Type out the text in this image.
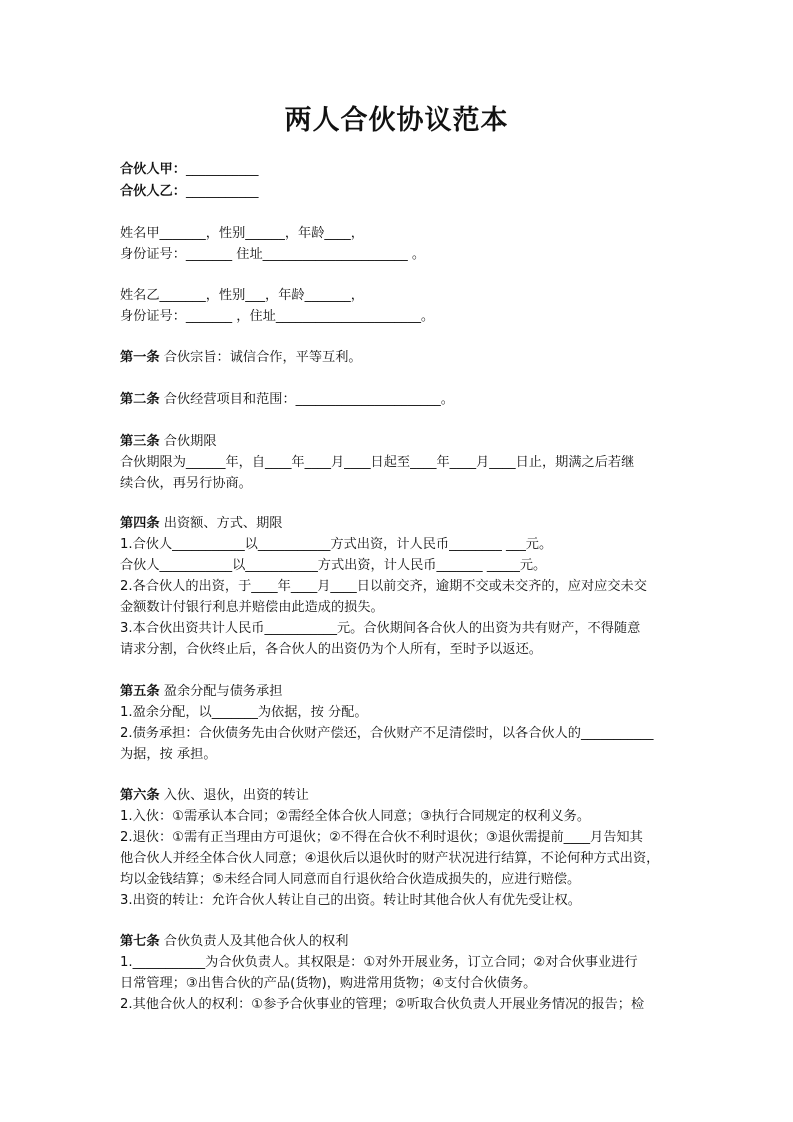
两人合伙协议范本
合伙人甲：___________
合伙人乙：___________
姓名甲_______，性别______，年龄____，
身份证号：_______ 住址______________________ 。
姓名乙_______，性别___，年龄_______，
身份证号：_______ ，住址______________________。
第一条 合伙宗旨：诚信合作，平等互利。
第二条 合伙经营项目和范围：______________________。
第三条 合伙期限
合伙期限为______年，自____年____月____日起至____年____月____日止，期满之后若继
续合伙，再另行协商。
第四条 出资额、方式、期限
1.合伙人___________以___________方式出资，计人民币________ ___元。
合伙人___________以___________方式出资，计人民币_______ _____元。
2.各合伙人的出资，于____年____月____日以前交齐，逾期不交或未交齐的，应对应交未交
金额数计付银行利息并赔偿由此造成的损失。
3.本合伙出资共计人民币___________元。合伙期间各合伙人的出资为共有财产，不得随意
请求分割，合伙终止后，各合伙人的出资仍为个人所有，至时予以返还。
第五条 盈余分配与债务承担
1.盈余分配，以_______为依据，按 分配。
2.债务承担：合伙债务先由合伙财产偿还，合伙财产不足清偿时，以各合伙人的___________
为据，按 承担。
第六条 入伙、退伙，出资的转让
1.入伙：①需承认本合同；②需经全体合伙人同意；③执行合同规定的权利义务。
2.退伙：①需有正当理由方可退伙；②不得在合伙不利时退伙；③退伙需提前____月告知其
他合伙人并经全体合伙人同意；④退伙后以退伙时的财产状况进行结算，不论何种方式出资，
均以金钱结算；⑤未经合同人同意而自行退伙给合伙造成损失的，应进行赔偿。
3.出资的转让：允许合伙人转让自己的出资。转让时其他合伙人有优先受让权。
第七条 合伙负责人及其他合伙人的权利
1.___________为合伙负责人。其权限是：①对外开展业务，订立合同；②对合伙事业进行
日常管理；③出售合伙的产品(货物)，购进常用货物；④支付合伙债务。
2.其他合伙人的权利：①参予合伙事业的管理；②听取合伙负责人开展业务情况的报告；检
